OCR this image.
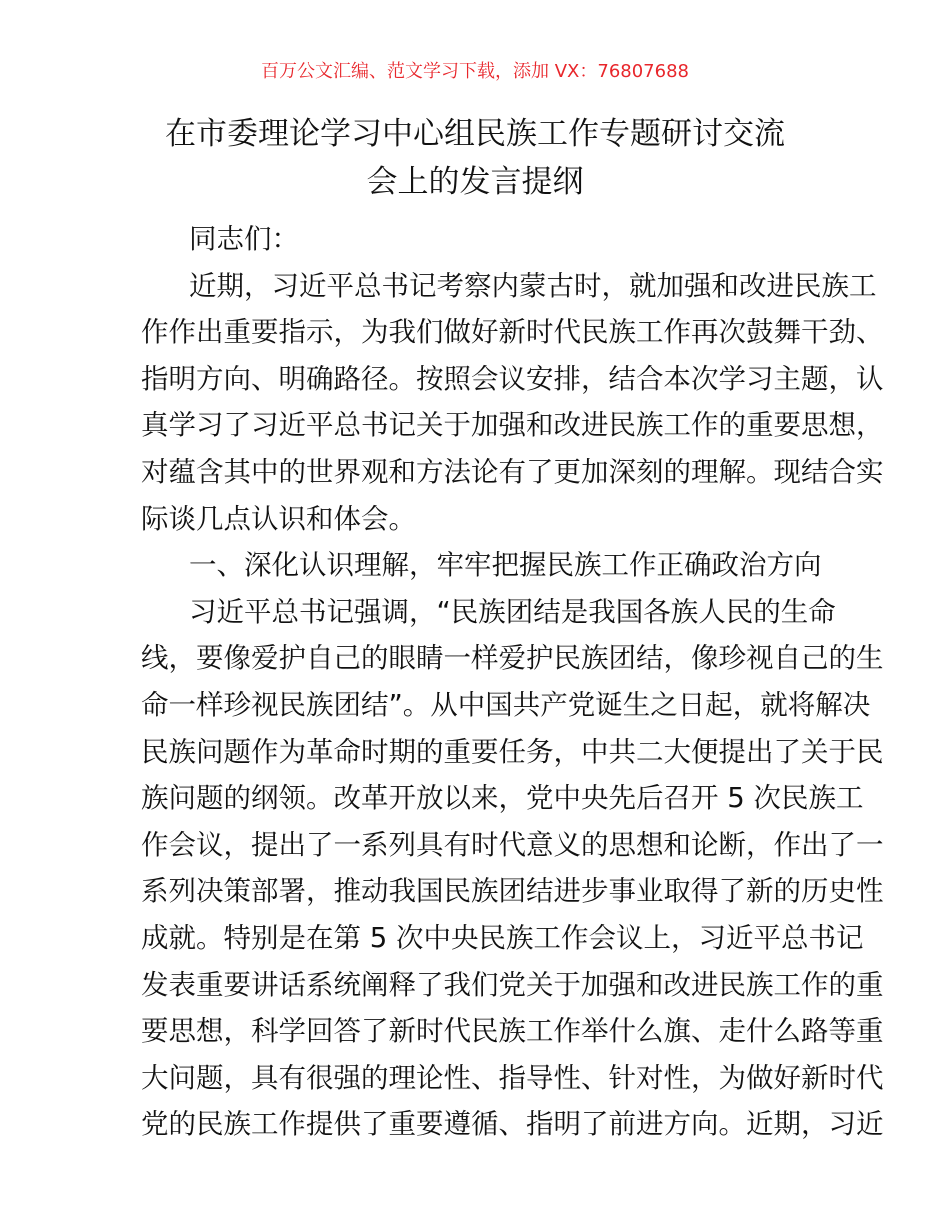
百万公文汇编、范文学习下载，添加 VX：76807688
在市委理论学习中心组民族工作专题研讨交流
会上的发言提纲
同志们：
近期，习近平总书记考察内蒙古时，就加强和改进民族工
作作出重要指示，为我们做好新时代民族工作再次鼓舞干劲、
指明方向、明确路径。按照会议安排，结合本次学习主题，认
真学习了习近平总书记关于加强和改进民族工作的重要思想，
对蕴含其中的世界观和方法论有了更加深刻的理解。现结合实
际谈几点认识和体会。
一、深化认识理解，牢牢把握民族工作正确政治方向
习近平总书记强调，“民族团结是我国各族人民的生命
线，要像爱护自己的眼睛一样爱护民族团结，像珍视自己的生
命一样珍视民族团结”。从中国共产党诞生之日起，就将解决
民族问题作为革命时期的重要任务，中共二大便提出了关于民
族问题的纲领。改革开放以来，党中央先后召开 5 次民族工
作会议，提出了一系列具有时代意义的思想和论断，作出了一
系列决策部署，推动我国民族团结进步事业取得了新的历史性
成就。特别是在第 5 次中央民族工作会议上，习近平总书记
发表重要讲话系统阐释了我们党关于加强和改进民族工作的重
要思想，科学回答了新时代民族工作举什么旗、走什么路等重
大问题，具有很强的理论性、指导性、针对性，为做好新时代
党的民族工作提供了重要遵循、指明了前进方向。近期，习近
